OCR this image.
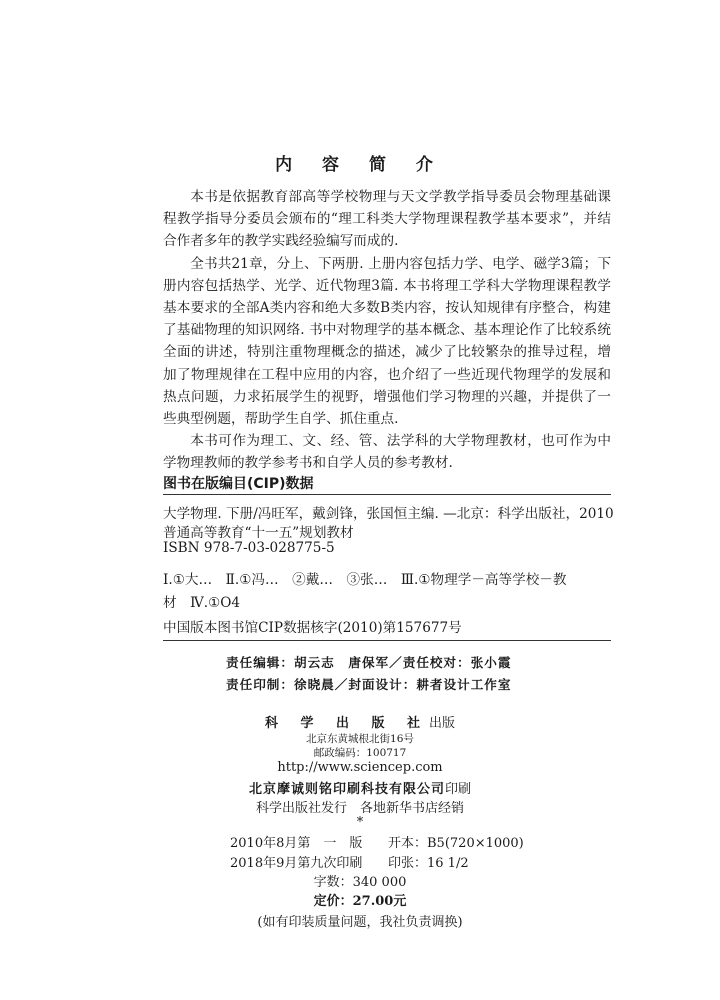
内 容 简 介

本书是依据教育部高等学校物理与天文学教学指导委员会物理基础课程教学指导分委员会颁布的“理工科类大学物理课程教学基本要求”，并结合作者多年的教学实践经验编写而成的.

全书共21章，分上、下两册. 上册内容包括力学、电学、磁学3篇；下册内容包括热学、光学、近代物理3篇. 本书将理工学科大学物理课程教学基本要求的全部A类内容和绝大多数B类内容，按认知规律有序整合，构建了基础物理的知识网络. 书中对物理学的基本概念、基本理论作了比较系统全面的讲述，特别注重物理概念的描述，减少了比较繁杂的推导过程，增加了物理规律在工程中应用的内容，也介绍了一些近现代物理学的发展和热点问题，力求拓展学生的视野，增强他们学习物理的兴趣，并提供了一些典型例题，帮助学生自学、抓住重点.

本书可作为理工、文、经、管、法学科的大学物理教材，也可作为中学物理教师的教学参考书和自学人员的参考教材.

图书在版编目(CIP)数据
大学物理. 下册/冯旺军，戴剑锋，张国恒主编. —北京：科学出版社，2010
普通高等教育“十一五”规划教材
ISBN 978-7-03-028775-5
Ⅰ.①大…　Ⅱ.①冯…　②戴…　③张…　Ⅲ.①物理学－高等学校－教
材　Ⅳ.①O4
中国版本图书馆CIP数据核字(2010)第157677号
责任编辑：胡云志　唐保军／责任校对：张小霞
责任印制：徐晓晨／封面设计：耕者设计工作室
科 学 出 版 社出版
北京东黄城根北街16号
邮政编码：100717
http://www.sciencep.com
北京摩诚则铭印刷科技有限公司印刷
科学出版社发行　各地新华书店经销
*
2010年8月第　一　版 开本：B5(720×1000)
2018年9月第九次印刷 印张：16 1/2
字数：340 000
定价：27.00元
(如有印装质量问题，我社负责调换)
